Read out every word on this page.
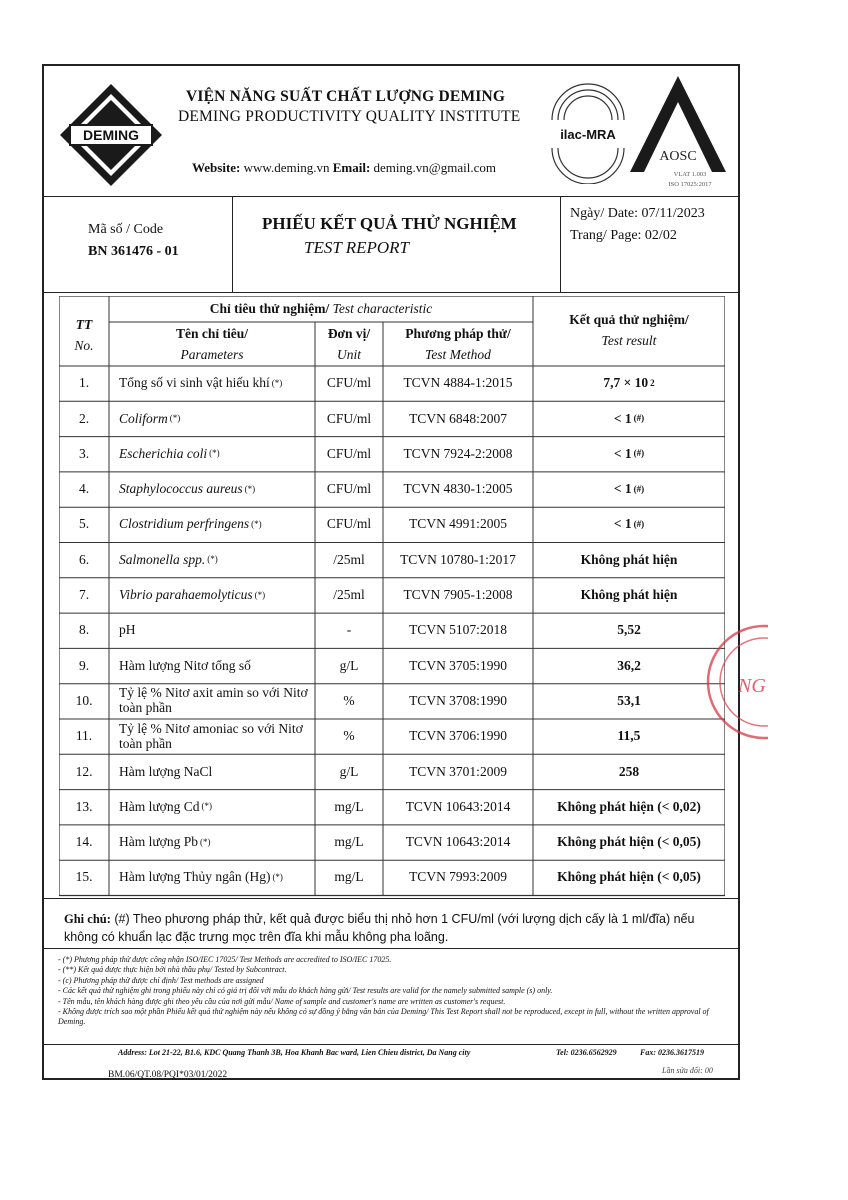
DEMING
VIỆN NĂNG SUẤT CHẤT LƯỢNG DEMING
DEMING PRODUCTIVITY QUALITY INSTITUTE
Website: www.deming.vn Email: deming.vn@gmail.com
ilac-MRA
AOSC
VLAT 1.003
ISO 17025:2017
Mã số / Code
BN 361476 - 01
PHIẾU KẾT QUẢ THỬ NGHIỆM
TEST REPORT
Ngày/ Date: 07/11/2023
Trang/ Page: 02/02
TT
No.
Chỉ tiêu thử nghiệm/
Test characteristic
Tên chỉ tiêu/
Parameters
Đơn vị/
Unit
Phương pháp thử/
Test Method
Kết quả thử nghiệm/
Test result
1.	Tổng số vi sinh vật hiếu khí (*)	CFU/ml	TCVN 4884-1:2015	7,7 × 10 2
2.	Coliform (*)	CFU/ml	TCVN 6848:2007	< 1 (#)
3.	Escherichia coli (*)	CFU/ml	TCVN 7924-2:2008	< 1 (#)
4.	Staphylococcus aureus (*)	CFU/ml	TCVN 4830-1:2005	< 1 (#)
5.	Clostridium perfringens (*)	CFU/ml	TCVN 4991:2005	< 1 (#)
6.	Salmonella spp. (*)	/25ml	TCVN 10780-1:2017	Không phát hiện
7.	Vibrio parahaemolyticus (*)	/25ml	TCVN 7905-1:2008	Không phát hiện
8.	pH	-	TCVN 5107:2018	5,52
9.	Hàm lượng Nitơ tổng số	g/L	TCVN 3705:1990	36,2
10.	Tỷ lệ % Nitơ axit amin so với Nitơ toàn phần	%	TCVN 3708:1990	53,1
11.	Tỷ lệ % Nitơ amoniac so với Nitơ toàn phần	%	TCVN 3706:1990	11,5
12.	Hàm lượng NaCl	g/L	TCVN 3701:2009	258
13.	Hàm lượng Cd (*)	mg/L	TCVN 10643:2014	Không phát hiện (< 0,02)
14.	Hàm lượng Pb (*)	mg/L	TCVN 10643:2014	Không phát hiện (< 0,05)
15.	Hàm lượng Thủy ngân (Hg) (*)	mg/L	TCVN 7993:2009	Không phát hiện (< 0,05)
NG
Ghi chú: (#) Theo phương pháp thử, kết quả được biểu thị nhỏ hơn 1 CFU/ml (với lượng dịch cấy là 1 ml/đĩa) nếu không có khuẩn lạc đặc trưng mọc trên đĩa khi mẫu không pha loãng.
- (*) Phương pháp thử được công nhận ISO/IEC 17025/ Test Methods are accredited to ISO/IEC 17025.
- (**) Kết quả được thực hiện bởi nhà thầu phụ/ Tested by Subcontract.
- (c) Phương pháp thử được chỉ định/ Test methods are assigned
- Các kết quả thử nghiệm ghi trong phiếu này chỉ có giá trị đối với mẫu do khách hàng gửi/ Test results are valid for the namely submitted sample (s) only.
- Tên mẫu, tên khách hàng được ghi theo yêu cầu của nơi gửi mẫu/ Name of sample and customer's name are written as customer's request.
- Không được trích sao một phần Phiếu kết quả thử nghiệm này nếu không có sự đồng ý bằng văn bản của Deming/ This Test Report shall not be reproduced, except in full, without the written approval of Deming.
Address: Lot 21-22, B1.6, KDC Quang Thanh 3B, Hoa Khanh Bac ward, Lien Chieu district, Da Nang city	Tel: 0236.6562929	Fax: 0236.3617519
BM.06/QT.08/PQI*03/01/2022	Lần sửa đổi: 00
